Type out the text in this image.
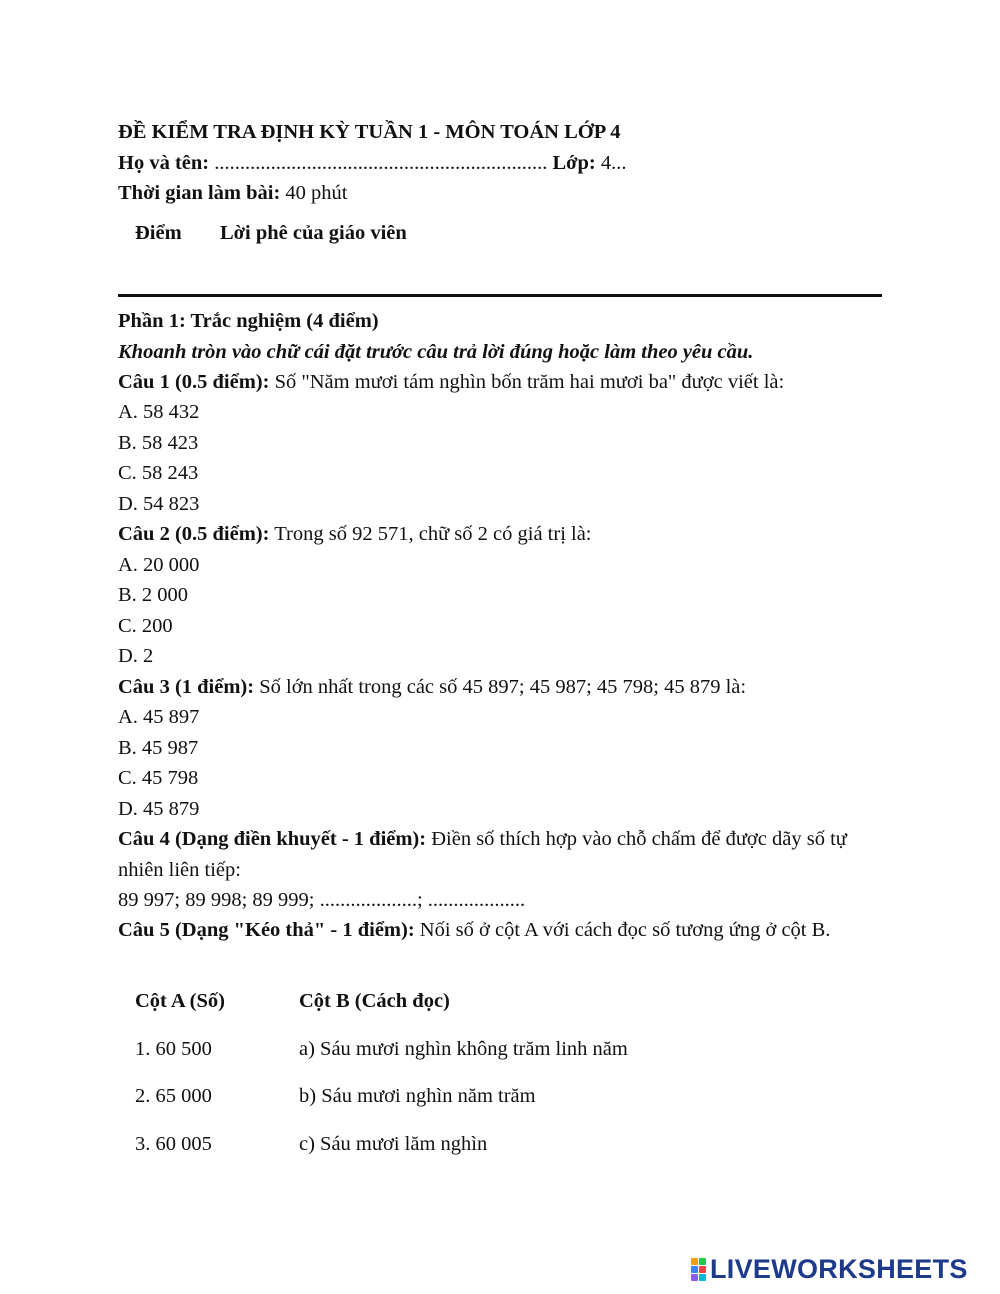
ĐỀ KIỂM TRA ĐỊNH KỲ TUẦN 1 - MÔN TOÁN LỚP 4
Họ và tên: ................................................................. Lớp: 4...
Thời gian làm bài: 40 phút
Điểm Lời phê của giáo viên
Phần 1: Trắc nghiệm (4 điểm)
Khoanh tròn vào chữ cái đặt trước câu trả lời đúng hoặc làm theo yêu cầu.
Câu 1 (0.5 điểm): Số "Năm mươi tám nghìn bốn trăm hai mươi ba" được viết là:
A. 58 432
B. 58 423
C. 58 243
D. 54 823
Câu 2 (0.5 điểm): Trong số 92 571, chữ số 2 có giá trị là:
A. 20 000
B. 2 000
C. 200
D. 2
Câu 3 (1 điểm): Số lớn nhất trong các số 45 897; 45 987; 45 798; 45 879 là:
A. 45 897
B. 45 987
C. 45 798
D. 45 879
Câu 4 (Dạng điền khuyết - 1 điểm): Điền số thích hợp vào chỗ chấm để được dãy số tự nhiên liên tiếp:
89 997; 89 998; 89 999; ...................; ...................
Câu 5 (Dạng "Kéo thả" - 1 điểm): Nối số ở cột A với cách đọc số tương ứng ở cột B.
Cột A (Số)	Cột B (Cách đọc)
1. 60 500	a) Sáu mươi nghìn không trăm linh năm
2. 65 000	b) Sáu mươi nghìn năm trăm
3. 60 005	c) Sáu mươi lăm nghìn
LIVEWORKSHEETS
